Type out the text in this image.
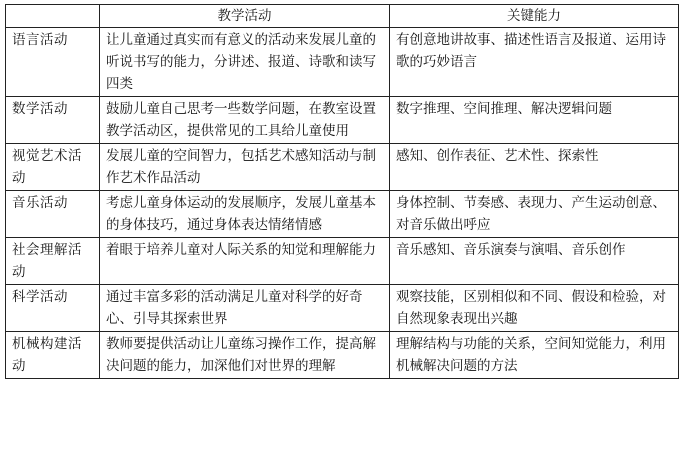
	教学活动	关键能力
语言活动	让儿童通过真实而有意义的活动来发展儿童的听说书写的能力，分讲述、报道、诗歌和读写四类	有创意地讲故事、描述性语言及报道、运用诗歌的巧妙语言
数学活动	鼓励儿童自己思考一些数学问题，在教室设置教学活动区，提供常见的工具给儿童使用	数字推理、空间推理、解决逻辑问题
视觉艺术活动	发展儿童的空间智力，包括艺术感知活动与制作艺术作品活动	感知、创作表征、艺术性、探索性
音乐活动	考虑儿童身体运动的发展顺序，发展儿童基本的身体技巧，通过身体表达情绪情感	身体控制、节奏感、表现力、产生运动创意、对音乐做出呼应
社会理解活动	着眼于培养儿童对人际关系的知觉和理解能力	音乐感知、音乐演奏与演唱、音乐创作
科学活动	通过丰富多彩的活动满足儿童对科学的好奇心、引导其探索世界	观察技能，区别相似和不同、假设和检验，对自然现象表现出兴趣
机械构建活动	教师要提供活动让儿童练习操作工作，提高解决问题的能力，加深他们对世界的理解	理解结构与功能的关系，空间知觉能力，利用机械解决问题的方法
